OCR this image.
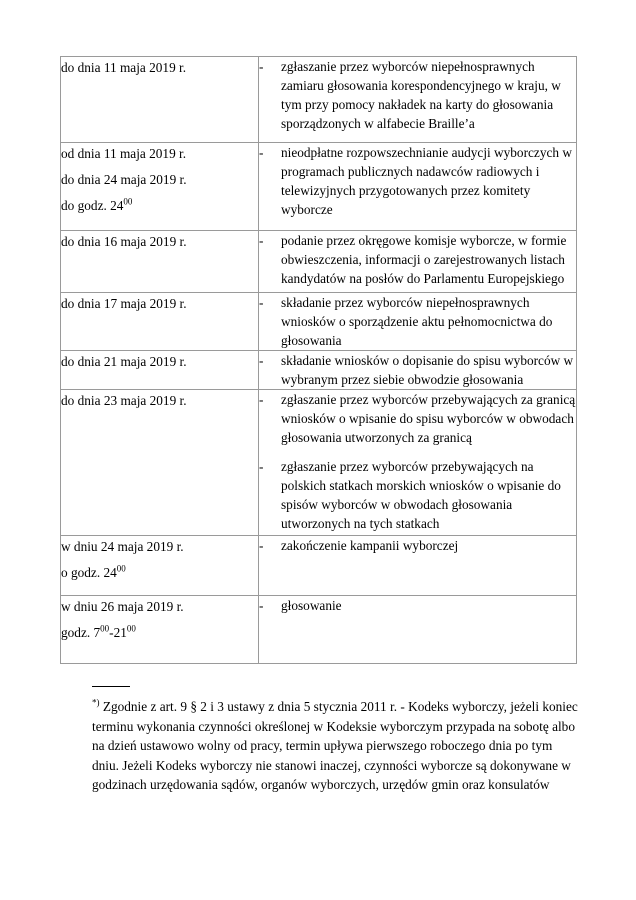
do dnia 11 maja 2019 r.	- zgłaszanie przez wyborców niepełnosprawnych zamiaru głosowania korespondencyjnego w kraju, w tym przy pomocy nakładek na karty do głosowania sporządzonych w alfabecie Braille’a

od dnia 11 maja 2019 r.
do dnia 24 maja 2019 r.
do godz. $24^{00}$	- nieodpłatne rozpowszechnianie audycji wyborczych w programach publicznych nadawców radiowych i telewizyjnych przygotowanych przez komitety wyborcze

do dnia 16 maja 2019 r.	- podanie przez okręgowe komisje wyborcze, w formie obwieszczenia, informacji o zarejestrowanych listach kandydatów na posłów do Parlamentu Europejskiego

do dnia 17 maja 2019 r.	- składanie przez wyborców niepełnosprawnych wniosków o sporządzenie aktu pełnomocnictwa do głosowania

do dnia 21 maja 2019 r.	- składanie wniosków o dopisanie do spisu wyborców w wybranym przez siebie obwodzie głosowania

do dnia 23 maja 2019 r.	- zgłaszanie przez wyborców przebywających za granicą wniosków o wpisanie do spisu wyborców w obwodach głosowania utworzonych za granicą
- zgłaszanie przez wyborców przebywających na polskich statkach morskich wniosków o wpisanie do spisów wyborców w obwodach głosowania utworzonych na tych statkach

w dniu 24 maja 2019 r.
o godz. $24^{00}$	- zakończenie kampanii wyborczej

w dniu 26 maja 2019 r.
godz. $7^{00}-21^{00}$	- głosowanie
*) Zgodnie z art. 9 § 2 i 3 ustawy z dnia 5 stycznia 2011 r. - Kodeks wyborczy, jeżeli koniec terminu wykonania czynności określonej w Kodeksie wyborczym przypada na sobotę albo na dzień ustawowo wolny od pracy, termin upływa pierwszego roboczego dnia po tym dniu. Jeżeli Kodeks wyborczy nie stanowi inaczej, czynności wyborcze są dokonywane w godzinach urzędowania sądów, organów wyborczych, urzędów gmin oraz konsulatów
